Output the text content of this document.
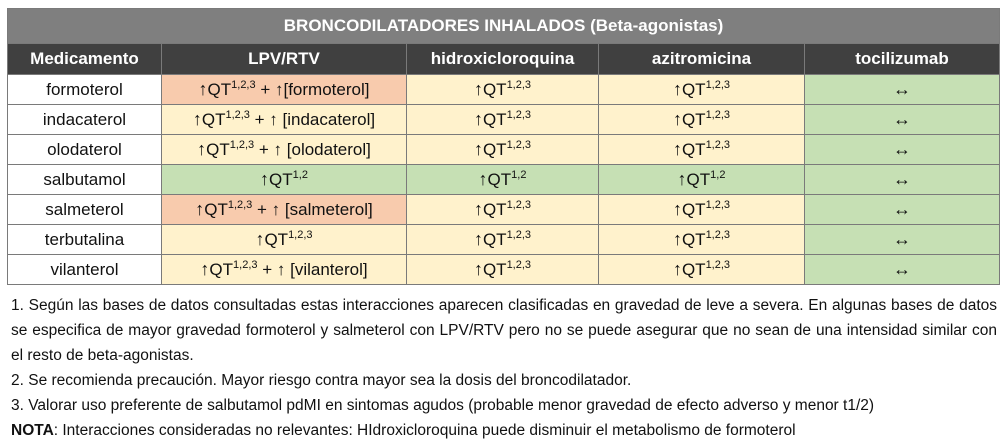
BRONCODILATADORES INHALADOS (Beta-agonistas)				
Medicamento	LPV/RTV	hidroxicloroquina	azitromicina	tocilizumab
formoterol	↑QT$^{1,2,3}$ + ↑[formoterol]	↑QT$^{1,2,3}$	↑QT$^{1,2,3}$	↔
indacaterol	↑QT$^{1,2,3}$ + ↑ [indacaterol]	↑QT$^{1,2,3}$	↑QT$^{1,2,3}$	↔
olodaterol	↑QT$^{1,2,3}$ + ↑ [olodaterol]	↑QT$^{1,2,3}$	↑QT$^{1,2,3}$	↔
salbutamol	↑QT$^{1,2}$	↑QT$^{1,2}$	↑QT$^{1,2}$	↔
salmeterol	↑QT$^{1,2,3}$ + ↑ [salmeterol]	↑QT$^{1,2,3}$	↑QT$^{1,2,3}$	↔
terbutalina	↑QT$^{1,2,3}$	↑QT$^{1,2,3}$	↑QT$^{1,2,3}$	↔
vilanterol	↑QT$^{1,2,3}$ + ↑ [vilanterol]	↑QT$^{1,2,3}$	↑QT$^{1,2,3}$	↔

1. Según las bases de datos consultadas estas interacciones aparecen clasificadas en gravedad de leve a severa. En algunas bases de datos se especifica de mayor gravedad formoterol y salmeterol con LPV/RTV pero no se puede asegurar que no sean de una intensidad similar con el resto de beta-agonistas.

2. Se recomienda precaución. Mayor riesgo contra mayor sea la dosis del broncodilatador.

3. Valorar uso preferente de salbutamol pdMI en sintomas agudos (probable menor gravedad de efecto adverso y menor t1/2)

NOTA: Interacciones consideradas no relevantes: HIdroxicloroquina puede disminuir el metabolismo de formoterol
